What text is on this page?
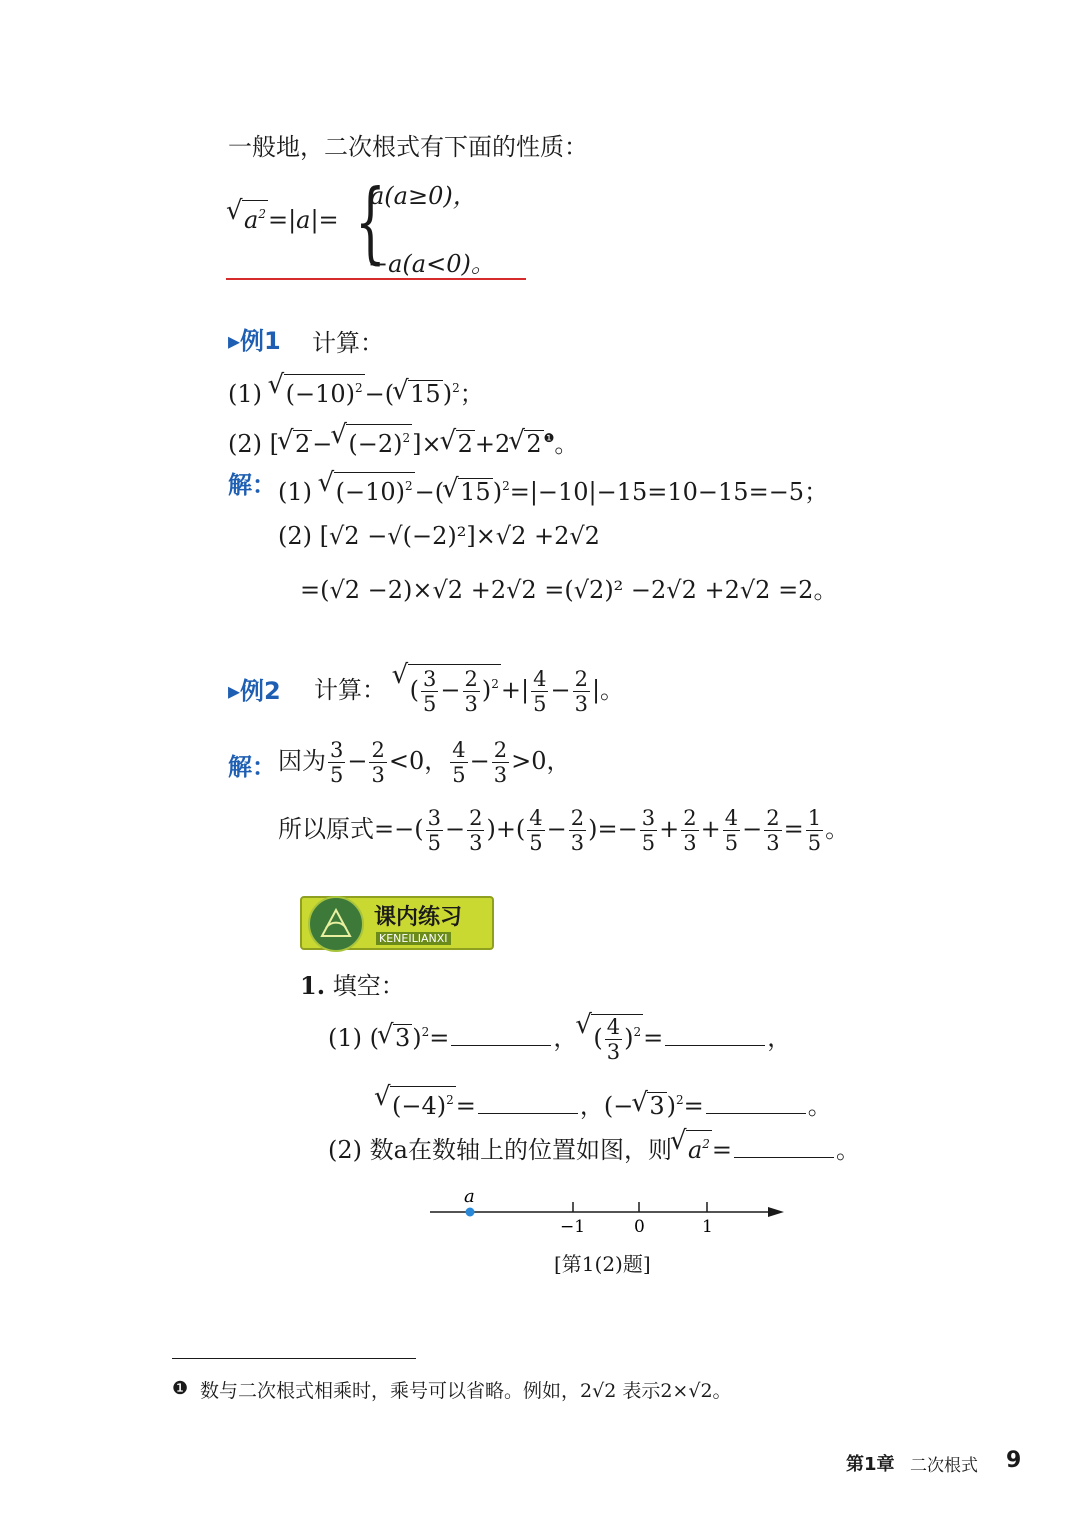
一般地，二次根式有下面的性质：
√ $a^2=|a|=$ {
a(a≥0)，
−a(a<0)。
▸例1 计算：
(1) √ $(-10)^2-(√$ 15)$^2$；
(2) [√ 2−√ $(-2)^2]\times√$ 2+2√ 2 $^❶$。
解： (1) √ $(-10)^2-(√$ 15)$^2$=|−10|−15=10−15=−5；
(2) [√2 −√(−2)²]×√2 +2√2
=(√2 −2)×√2 +2√2 =(√2)² −2√2 +2√2 =2。
▸例2 计算： √ ( $\frac{3}{5} - \frac{2}{3} )^2+| \frac{4}{5} - \frac{2}{3}$ |。
解： 因为 $\frac{3}{5} - \frac{2}{3} <0$， $\frac{4}{5} - \frac{2}{3} >0$，
所以原式=−( $\frac{3}{5} - \frac{2}{3}$ )+( $\frac{4}{5} - \frac{2}{3}$ )=− $\frac{3}{5} + \frac{2}{3} + \frac{4}{5} - \frac{2}{3} = \frac{1}{5}$ 。
课内练习
KENEILIANXI
1. 填空：
(1) (√ 3)$^2$=	，√ ( $\frac{4}{3} )^2=$	，
√ $(-4)^2=$	，(−√ 3)$^2$=	。
(2) 数a在数轴上的位置如图，则√ $a^2=$	。
a
−1	0	1
[第1(2)题]
❶ 数与二次根式相乘时，乘号可以省略。例如，2√2 表示2×√2。
第1章 二次根式 9
